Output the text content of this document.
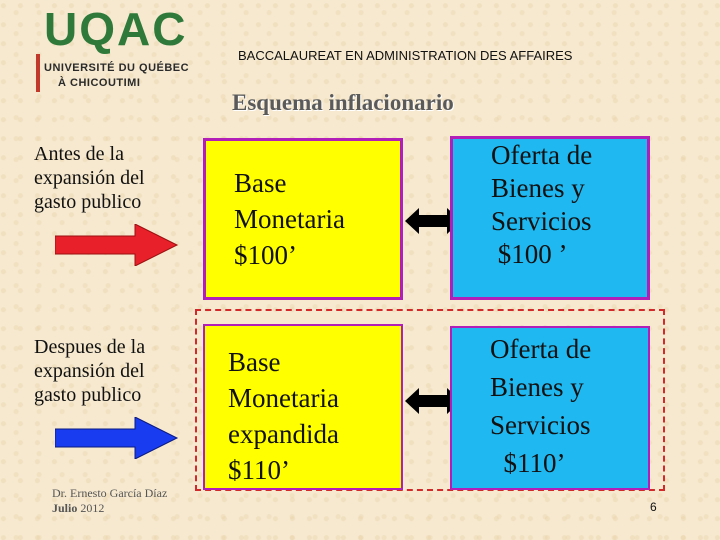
UQAC
UNIVERSITÉ DU QUÉBEC
À CHICOUTIMI
BACCALAUREAT EN ADMINISTRATION DES AFFAIRES
Esquema inflacionario
Antes de la expansión del gasto publico
Base
Monetaria
$100’
Oferta de
Bienes y
Servicios
$100 ’
Despues de la expansión del gasto publico
Base
Monetaria
expandida
$110’
Oferta de
Bienes y
Servicios
$110’
Dr. Ernesto García Díaz
Julio 2012	6
